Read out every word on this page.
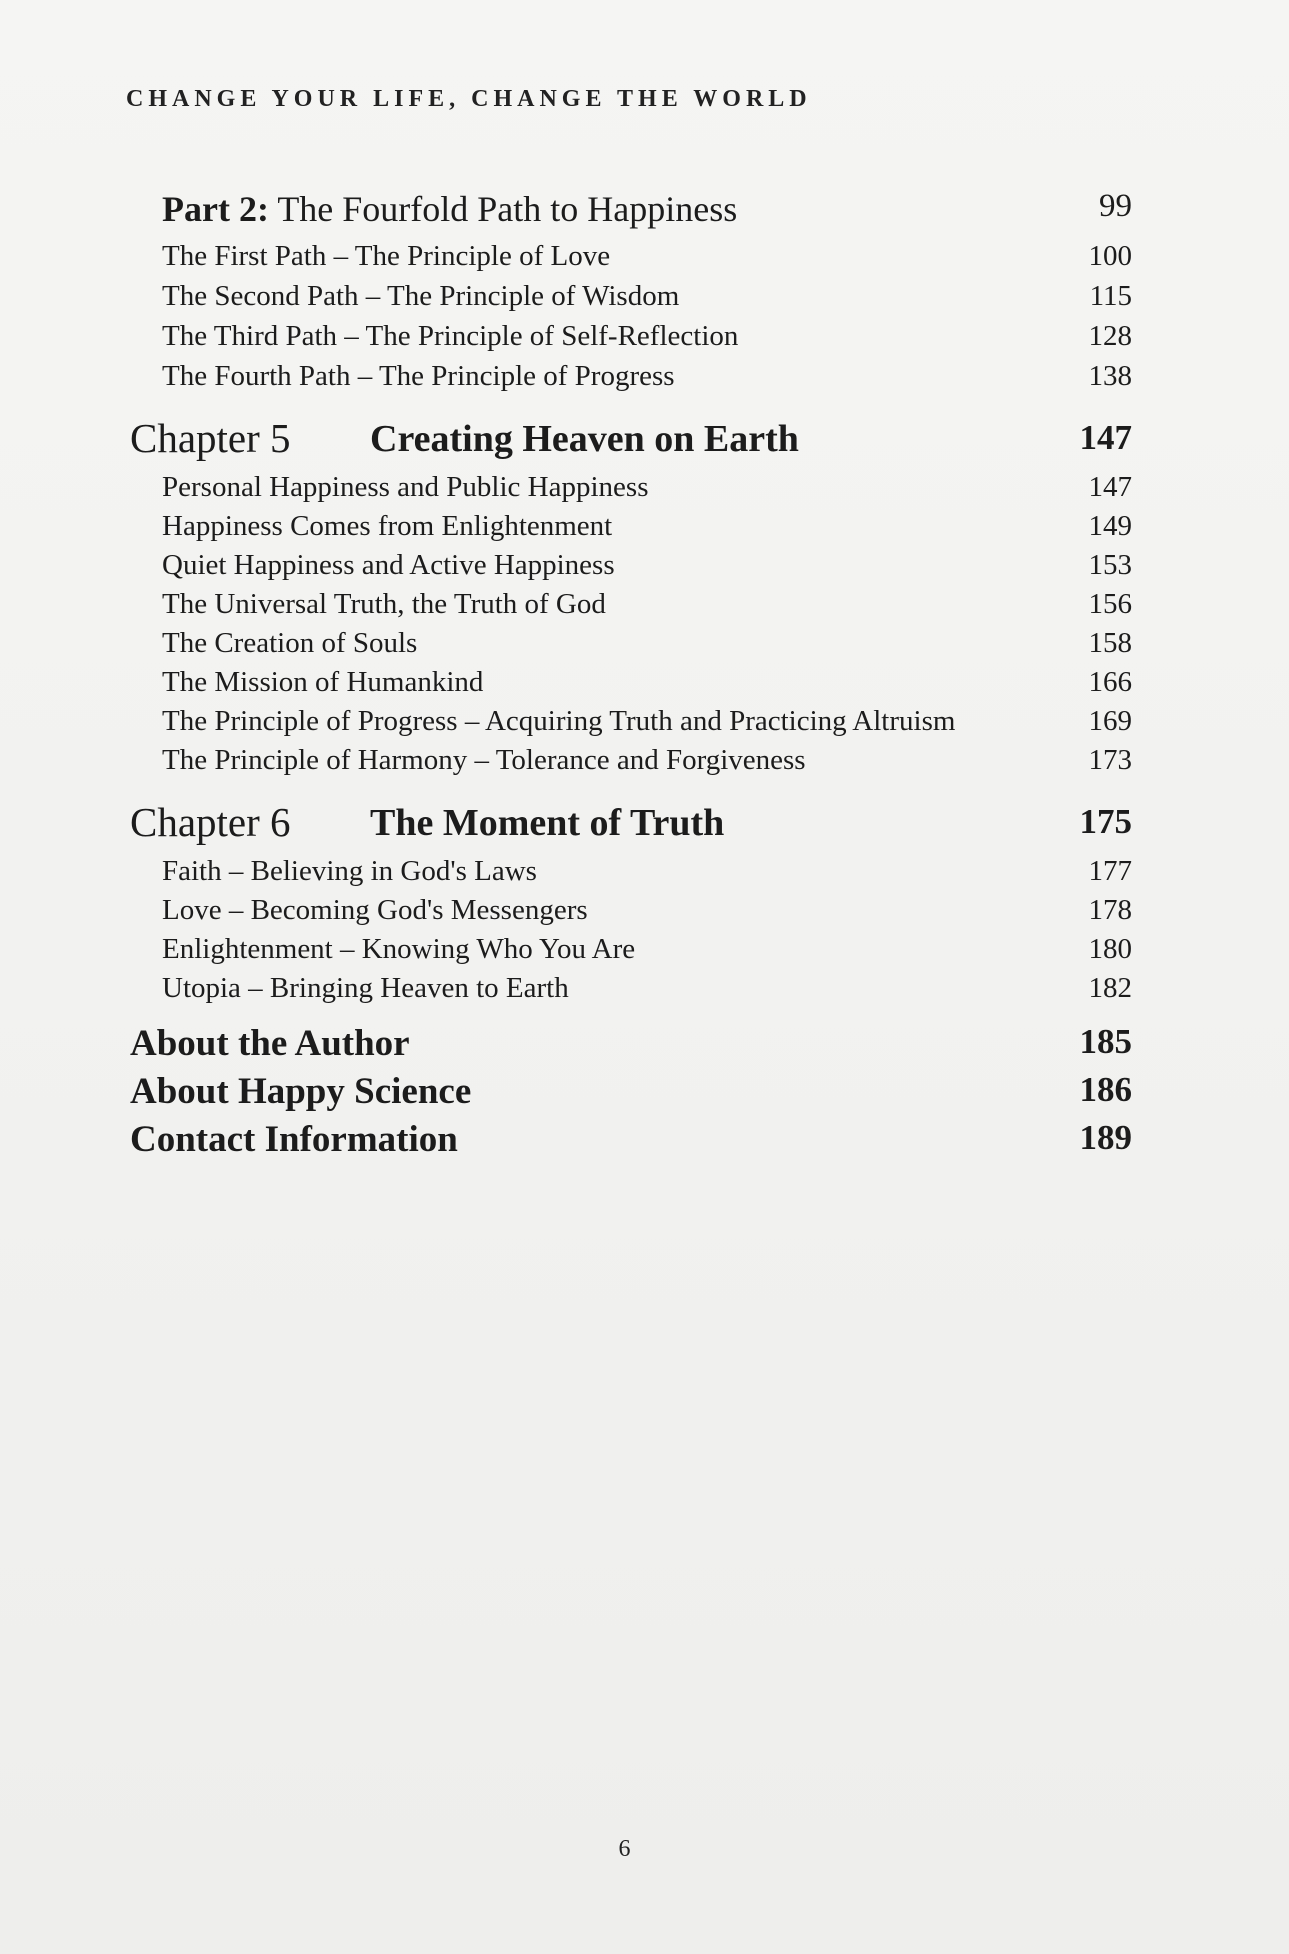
CHANGE YOUR LIFE, CHANGE THE WORLD
Part 2: The Fourfold Path to Happiness	99
The First Path – The Principle of Love	100
The Second Path – The Principle of Wisdom	115
The Third Path – The Principle of Self-Reflection	128
The Fourth Path – The Principle of Progress	138
Chapter 5 Creating Heaven on Earth	147
Personal Happiness and Public Happiness	147
Happiness Comes from Enlightenment	149
Quiet Happiness and Active Happiness	153
The Universal Truth, the Truth of God	156
The Creation of Souls	158
The Mission of Humankind	166
The Principle of Progress – Acquiring Truth and Practicing Altruism	169
The Principle of Harmony – Tolerance and Forgiveness	173
Chapter 6 The Moment of Truth	175
Faith – Believing in God's Laws	177
Love – Becoming God's Messengers	178
Enlightenment – Knowing Who You Are	180
Utopia – Bringing Heaven to Earth	182
About the Author	185
About Happy Science	186
Contact Information	189
6
